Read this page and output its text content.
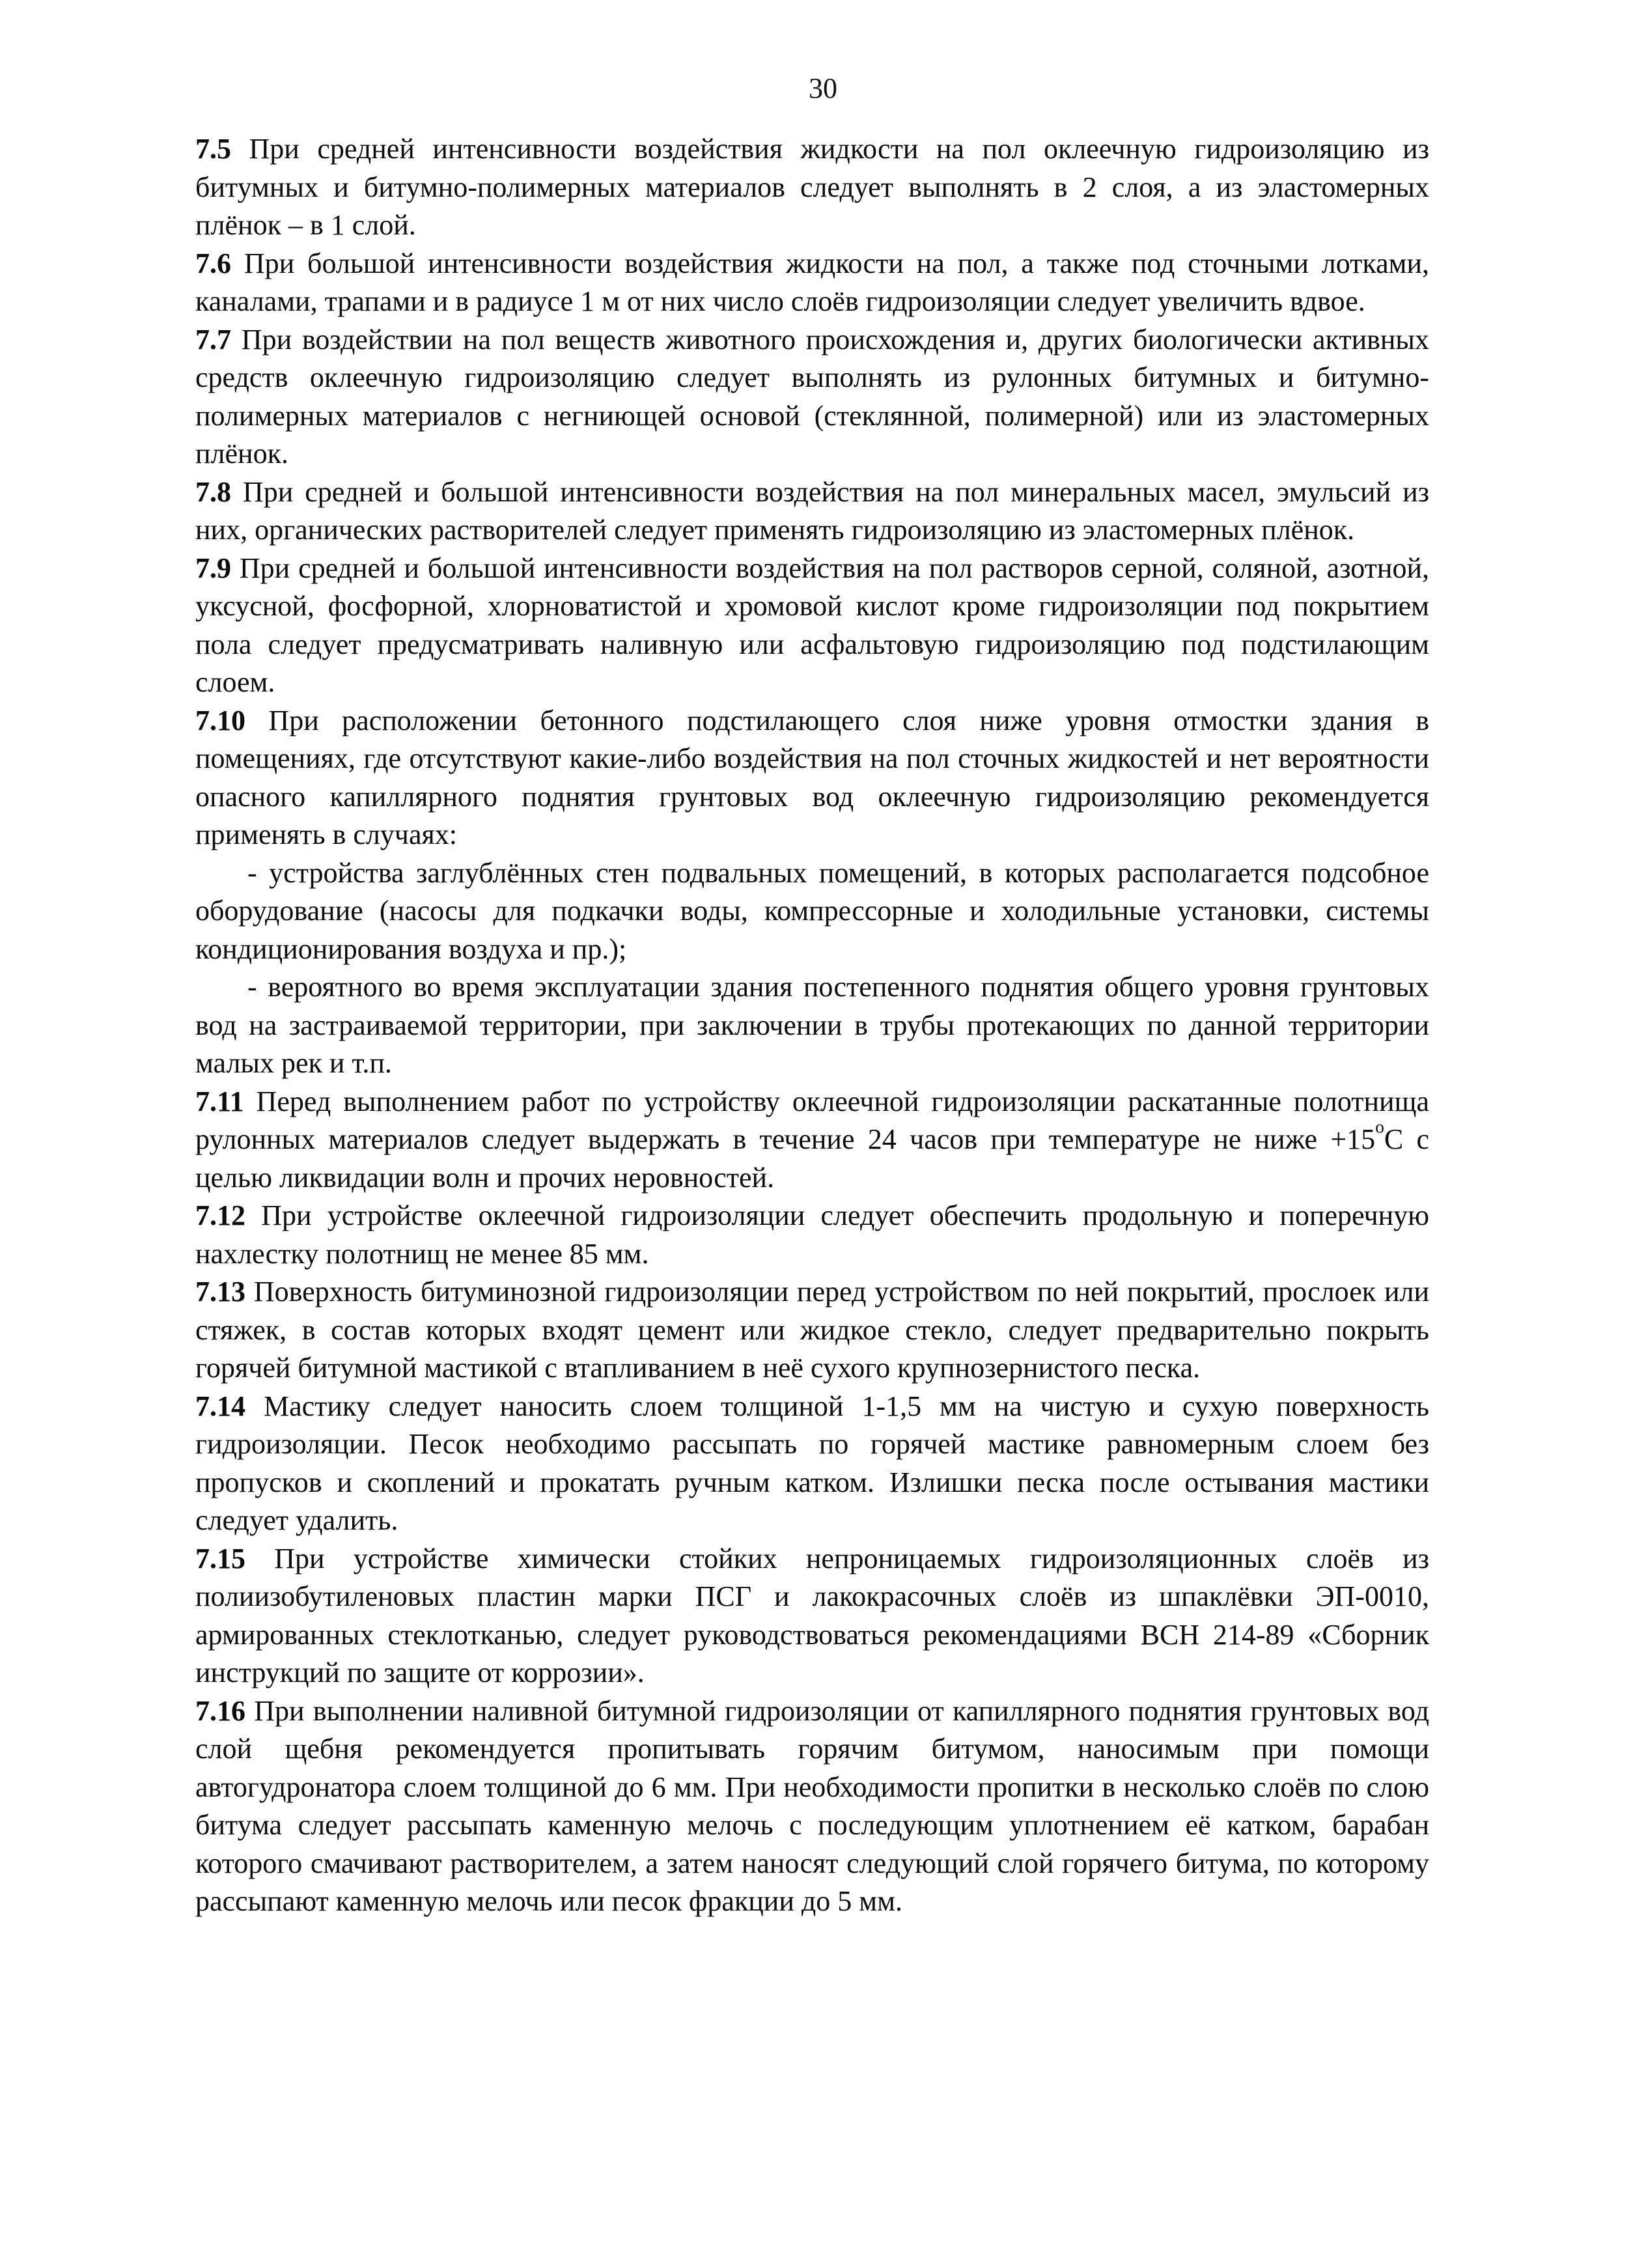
30

7.5 При средней интенсивности воздействия жидкости на пол оклеечную гидроизоляцию из битумных и битумно-полимерных материалов следует выполнять в 2 слоя, а из эластомерных плёнок – в 1 слой.

7.6 При большой интенсивности воздействия жидкости на пол, а также под сточными лотками, каналами, трапами и в радиусе 1 м от них число слоёв гидроизоляции следует увеличить вдвое.

7.7 При воздействии на пол веществ животного происхождения и, других биологически активных средств оклеечную гидроизоляцию следует выполнять из рулонных битумных и битумно-полимерных материалов с негниющей основой (стеклянной, полимерной) или из эластомерных плёнок.

7.8 При средней и большой интенсивности воздействия на пол минеральных масел, эмульсий из них, органических растворителей следует применять гидроизоляцию из эластомерных плёнок.

7.9 При средней и большой интенсивности воздействия на пол растворов серной, соляной, азотной, уксусной, фосфорной, хлорноватистой и хромовой кислот кроме гидроизоляции под покрытием пола следует предусматривать наливную или асфальтовую гидроизоляцию под подстилающим слоем.

7.10 При расположении бетонного подстилающего слоя ниже уровня отмостки здания в помещениях, где отсутствуют какие-либо воздействия на пол сточных жидкостей и нет вероятности опасного капиллярного поднятия грунтовых вод оклеечную гидроизоляцию рекомендуется применять в случаях:

- устройства заглублённых стен подвальных помещений, в которых располагается подсобное оборудование (насосы для подкачки воды, компрессорные и холодильные установки, системы кондиционирования воздуха и пр.);

- вероятного во время эксплуатации здания постепенного поднятия общего уровня грунтовых вод на застраиваемой территории, при заключении в трубы протекающих по данной территории малых рек и т.п.

7.11 Перед выполнением работ по устройству оклеечной гидроизоляции раскатанные полотнища рулонных материалов следует выдержать в течение 24 часов при температуре не ниже $+15^оС$ с целью ликвидации волн и прочих неровностей.

7.12 При устройстве оклеечной гидроизоляции следует обеспечить продольную и поперечную нахлестку полотнищ не менее 85 мм.

7.13 Поверхность битуминозной гидроизоляции перед устройством по ней покрытий, прослоек или стяжек, в состав которых входят цемент или жидкое стекло, следует предварительно покрыть горячей битумной мастикой с втапливанием в неё сухого крупнозернистого песка.

7.14 Мастику следует наносить слоем толщиной 1-1,5 мм на чистую и сухую поверхность гидроизоляции. Песок необходимо рассыпать по горячей мастике равномерным слоем без пропусков и скоплений и прокатать ручным катком. Излишки песка после остывания мастики следует удалить.

7.15 При устройстве химически стойких непроницаемых гидроизоляционных слоёв из полиизобутиленовых пластин марки ПСГ и лакокрасочных слоёв из шпаклёвки ЭП-0010, армированных стеклотканью, следует руководствоваться рекомендациями ВСН 214-89 «Сборник инструкций по защите от коррозии».

7.16 При выполнении наливной битумной гидроизоляции от капиллярного поднятия грунтовых вод слой щебня рекомендуется пропитывать горячим битумом, наносимым при помощи автогудронатора слоем толщиной до 6 мм. При необходимости пропитки в несколько слоёв по слою битума следует рассыпать каменную мелочь с последующим уплотнением её катком, барабан которого смачивают растворителем, а затем наносят следующий слой горячего битума, по которому рассыпают каменную мелочь или песок фракции до 5 мм.
